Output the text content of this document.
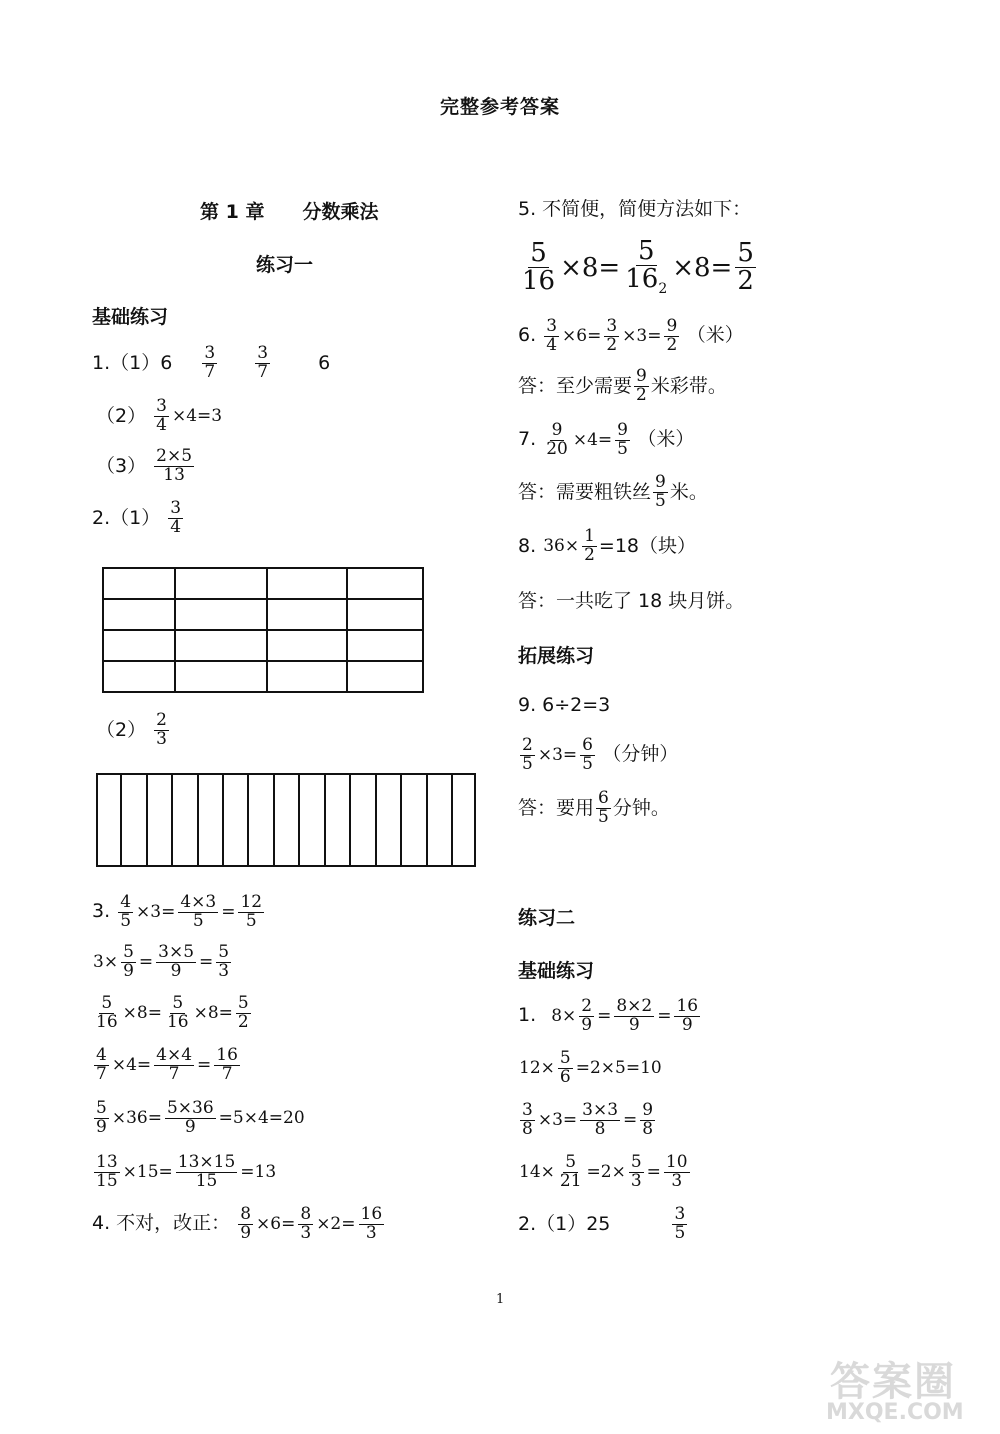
完整参考答案
第 1 章　　分数乘法
练习一
基础练习
$1.(1)6 \frac{3}{7}$
$\frac{3}{7}$	6
$(2) \frac{3}{4} \times 4=3$
$(3) \frac{2\times 5}{13}$
$2.(1) \frac{3}{4}$

$(2) \frac{2}{3}$
3. $\frac{4}{5} \times 3= \frac{4\times 3}{5} = \frac{12}{5}$
$3\times \frac{5}{9} = \frac{3\times 5}{9} = \frac{5}{3}$
$\frac{5}{16} \times 8= \frac{5}{16} \times 8= \frac{5}{2}$
$\frac{4}{7} \times 4= \frac{4\times 4}{7} = \frac{16}{7}$
$\frac{5}{9} \times 36= \frac{5\times 36}{9} =5\times 4=20$
$\frac{13}{15} \times 15= \frac{13\times 15}{15} =13$
4. 不对，改正： $\frac{8}{9} \times 6= \frac{8}{3} \times 2= \frac{16}{3}$
5. 不简便，简便方法如下：
$\frac{5}{16} \times 8= \frac{5}{16_2} \times 8= \frac{5}{2}$
6. $\frac{3}{4} \times 6= \frac{3}{2} \times 3= \frac{9}{2}$ （米）
答：至少需要 $\frac{9}{2}$ 米彩带。
7. $\frac{9}{20} \times 4= \frac{9}{5}$ （米）
答：需要粗铁丝 $\frac{9}{5}$ 米。
8. $36\times \frac{1}{2} =18$（块）
答：一共吃了 18 块月饼。
拓展练习
9. 6÷2=3
$\frac{2}{5} \times 3= \frac{6}{5}$ （分钟）
答：要用 $\frac{6}{5}$ 分钟。
练习二
基础练习
1. $8\times \frac{2}{9} = \frac{8\times 2}{9} = \frac{16}{9}$
$12\times \frac{5}{6} =2\times 5=10$
$\frac{3}{8} \times 3= \frac{3\times 3}{8} = \frac{9}{8}$
$14\times \frac{5}{21} =2\times \frac{5}{3} = \frac{10}{3}$
2.（1）25	$\frac{3}{5}$
1
答案圈
MXQE.COM
